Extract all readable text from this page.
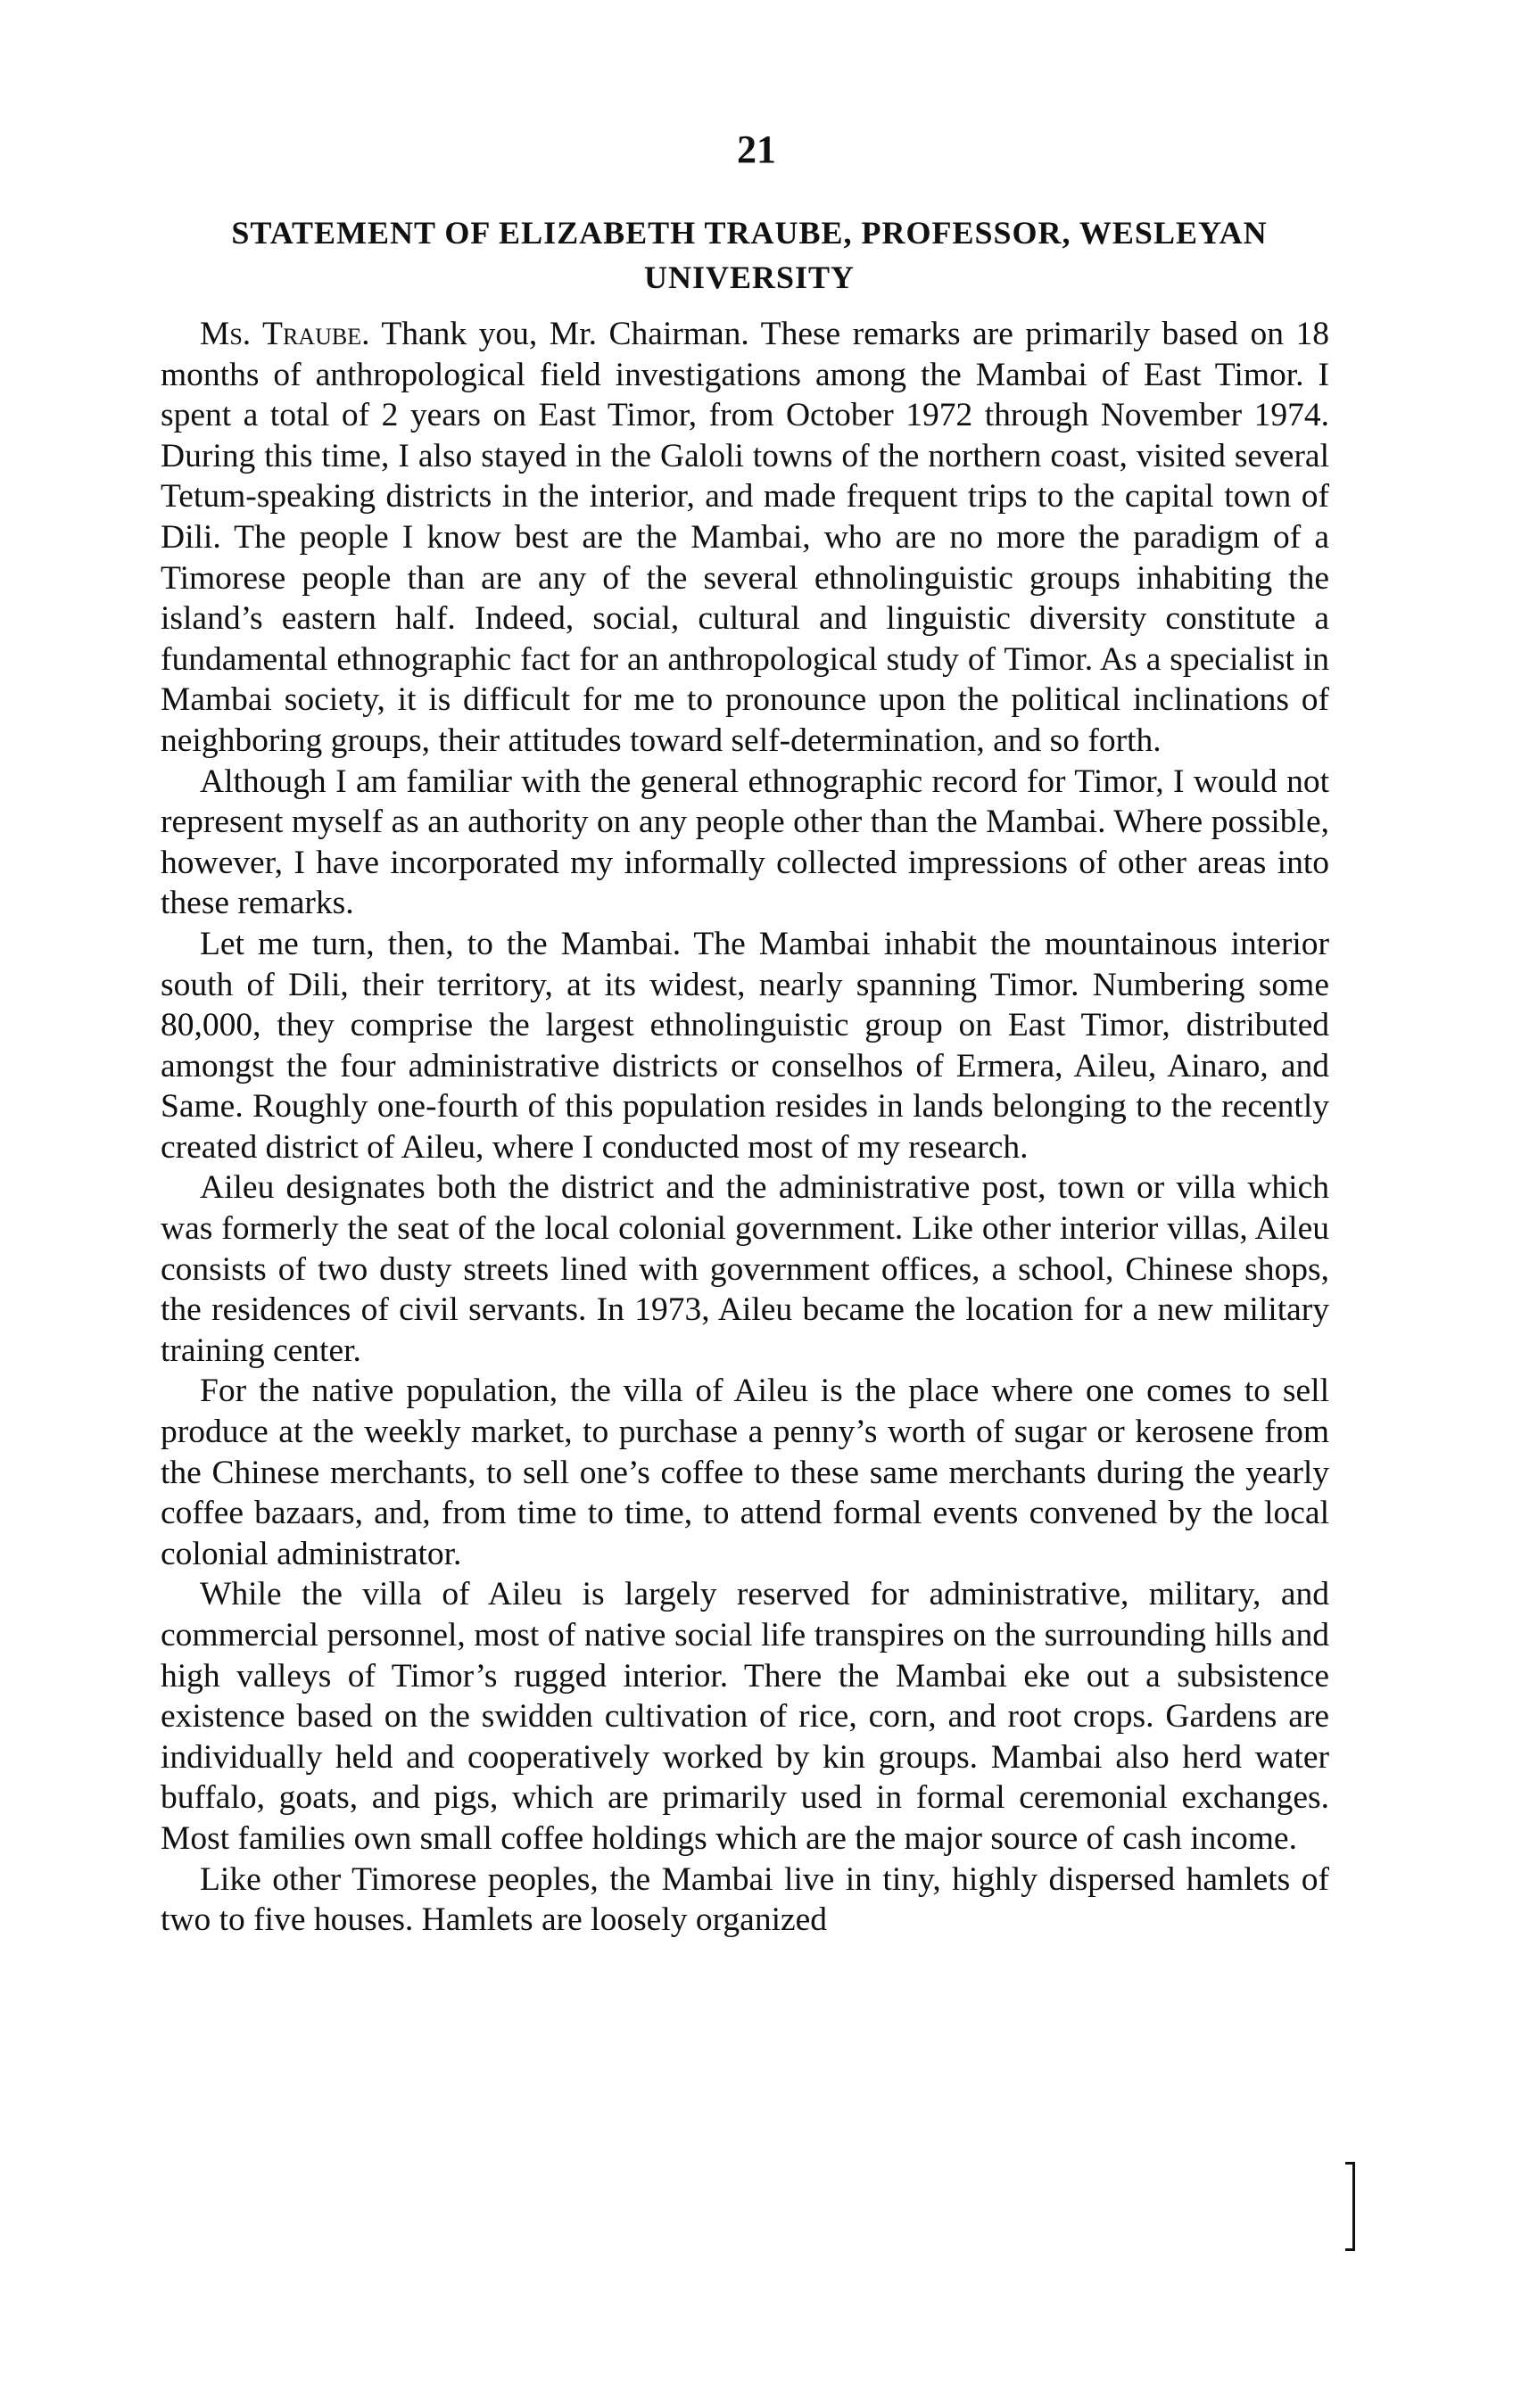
21
STATEMENT OF ELIZABETH TRAUBE, PROFESSOR, WESLEYAN
UNIVERSITY

Ms. Traube. Thank you, Mr. Chairman. These remarks are primarily based on 18 months of anthropological field investigations among the Mambai of East Timor. I spent a total of 2 years on East Timor, from October 1972 through November 1974. During this time, I also stayed in the Galoli towns of the northern coast, visited several Tetum-speaking districts in the interior, and made frequent trips to the capital town of Dili. The people I know best are the Mambai, who are no more the paradigm of a Timorese people than are any of the several ethnolinguistic groups inhabiting the island’s eastern half. Indeed, social, cultural and linguistic diversity constitute a fundamental ethnographic fact for an anthropological study of Timor. As a specialist in Mambai society, it is difficult for me to pronounce upon the political inclinations of neighboring groups, their attitudes toward self-determination, and so forth.

Although I am familiar with the general ethnographic record for Timor, I would not represent myself as an authority on any people other than the Mambai. Where possible, however, I have incorporated my informally collected impressions of other areas into these remarks.

Let me turn, then, to the Mambai. The Mambai inhabit the mountainous interior south of Dili, their territory, at its widest, nearly spanning Timor. Numbering some 80,000, they comprise the largest ethnolinguistic group on East Timor, distributed amongst the four administrative districts or conselhos of Ermera, Aileu, Ainaro, and Same. Roughly one-fourth of this population resides in lands belonging to the recently created district of Aileu, where I conducted most of my research.

Aileu designates both the district and the administrative post, town or villa which was formerly the seat of the local colonial government. Like other interior villas, Aileu consists of two dusty streets lined with government offices, a school, Chinese shops, the residences of civil servants. In 1973, Aileu became the location for a new military training center.

For the native population, the villa of Aileu is the place where one comes to sell produce at the weekly market, to purchase a penny’s worth of sugar or kerosene from the Chinese merchants, to sell one’s coffee to these same merchants during the yearly coffee bazaars, and, from time to time, to attend formal events convened by the local colonial administrator.

While the villa of Aileu is largely reserved for administrative, military, and commercial personnel, most of native social life transpires on the surrounding hills and high valleys of Timor’s rugged interior. There the Mambai eke out a subsistence existence based on the swidden cultivation of rice, corn, and root crops. Gardens are individually held and cooperatively worked by kin groups. Mambai also herd water buffalo, goats, and pigs, which are primarily used in formal ceremonial exchanges. Most families own small coffee holdings which are the major source of cash income.

Like other Timorese peoples, the Mambai live in tiny, highly dispersed hamlets of two to five houses. Hamlets are loosely organized
